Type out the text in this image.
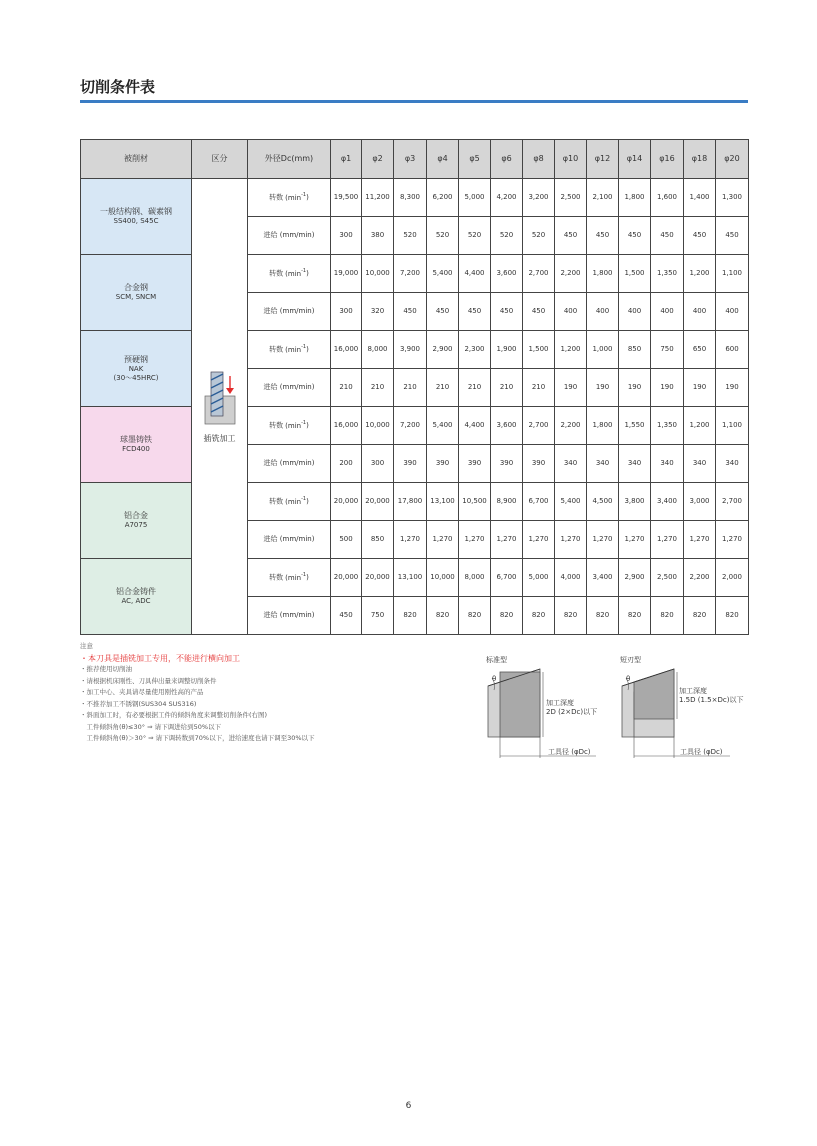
切削条件表
被削材	区分	外径Dc(mm)	φ1	φ2	φ3	φ4	φ5	φ6	φ8	φ10	φ12	φ14	φ16	φ18	φ20

一般结构钢、碳素钢
SS400, S45C	插铣加工	转数 $(\min^{-1})$	19,500	11,200	8,300	6,200	5,000	4,200	3,200	2,500	2,100	1,800	1,600	1,400	1,300
		进给 (mm/min)	300	380	520	520	520	520	520	450	450	450	450	450	450

合金钢
SCM, SNCM		转数 $(\min^{-1})$	19,000	10,000	7,200	5,400	4,400	3,600	2,700	2,200	1,800	1,500	1,350	1,200	1,100
		进给 (mm/min)	300	320	450	450	450	450	450	400	400	400	400	400	400

预硬钢
NAK
(30～45HRC)		转数 $(\min^{-1})$	16,000	8,000	3,900	2,900	2,300	1,900	1,500	1,200	1,000	850	750	650	600
		进给 (mm/min)	210	210	210	210	210	210	210	190	190	190	190	190	190

球墨铸铁
FCD400		转数 $(\min^{-1})$	16,000	10,000	7,200	5,400	4,400	3,600	2,700	2,200	1,800	1,550	1,350	1,200	1,100
		进给 (mm/min)	200	300	390	390	390	390	390	340	340	340	340	340	340

铝合金
A7075		转数 $(\min^{-1})$	20,000	20,000	17,800	13,100	10,500	8,900	6,700	5,400	4,500	3,800	3,400	3,000	2,700
		进给 (mm/min)	500	850	1,270	1,270	1,270	1,270	1,270	1,270	1,270	1,270	1,270	1,270	1,270

铝合金铸件
AC, ADC		转数 $(\min^{-1})$	20,000	20,000	13,100	10,000	8,000	6,700	5,000	4,000	3,400	2,900	2,500	2,200	2,000
		进给 (mm/min)	450	750	820	820	820	820	820	820	820	820	820	820	820
注意
・本刀具是插铣加工专用，不能进行横向加工
・推荐使用切削油
・请根据机床刚性、刀具伸出量来调整切削条件
・加工中心、夹具请尽量使用刚性高的产品
・不推荐加工不锈钢(SUS304 SUS316)
・斜面加工时，有必要根据工件的倾斜角度来调整切削条件(右图)
　工件倾斜角(θ)≤30° ⇒ 请下调进给到50%以下
　工件倾斜角(θ)＞30° ⇒ 请下调转数到70%以下，进给速度也请下调至30%以下
标准型
θ
加工深度
2D (2×Dc)以下
工具径 (φDc)
短刃型
θ
加工深度
1.5D (1.5×Dc)以下
工具径 (φDc)
6
